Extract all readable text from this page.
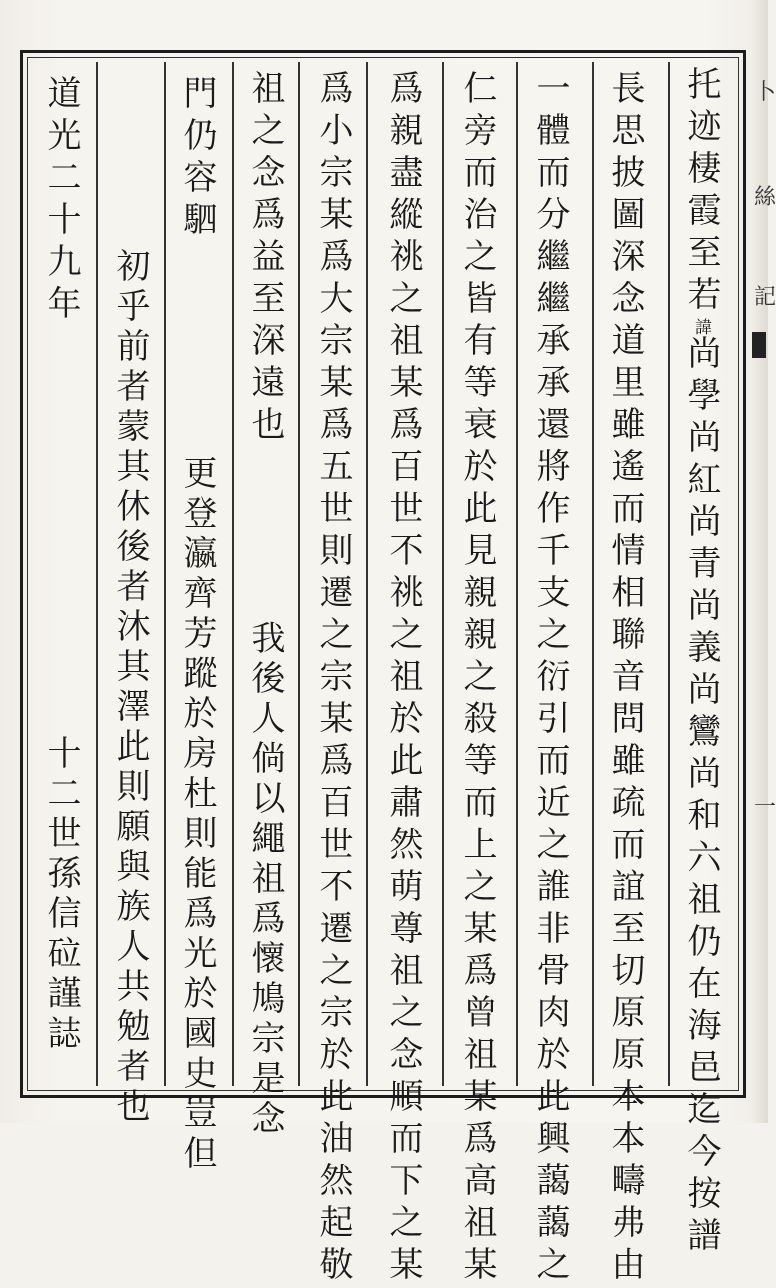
托迹棲霞至若諱尚學尚紅尚青尚義尚鸞尚和六祖仍在海邑迄今按譜
長思披圖深念道里雖遙而情相聯音問雖疏而誼至切原原本本疇弗由
一體而分繼繼承承還將作千支之衍引而近之誰非骨肉於此興藹藹之
仁旁而治之皆有等衰於此見親親之殺等而上之某爲曾祖某爲高祖某
爲親盡縱祧之祖某爲百世不祧之祖於此肅然萌尊祖之念順而下之某
爲小宗某爲大宗某爲五世則遷之宗某爲百世不遷之宗於此油然起敬
祖之念爲益至深遠也
我後人倘以繩祖爲懷鳩宗是念
門仍容駟
更登瀛齊芳蹤於房杜則能爲光於國史豈但
初乎前者蒙其休後者沐其澤此則願與族人共勉者也
道光二十九年
十二世孫信砬謹誌
卜
絲
記
一
